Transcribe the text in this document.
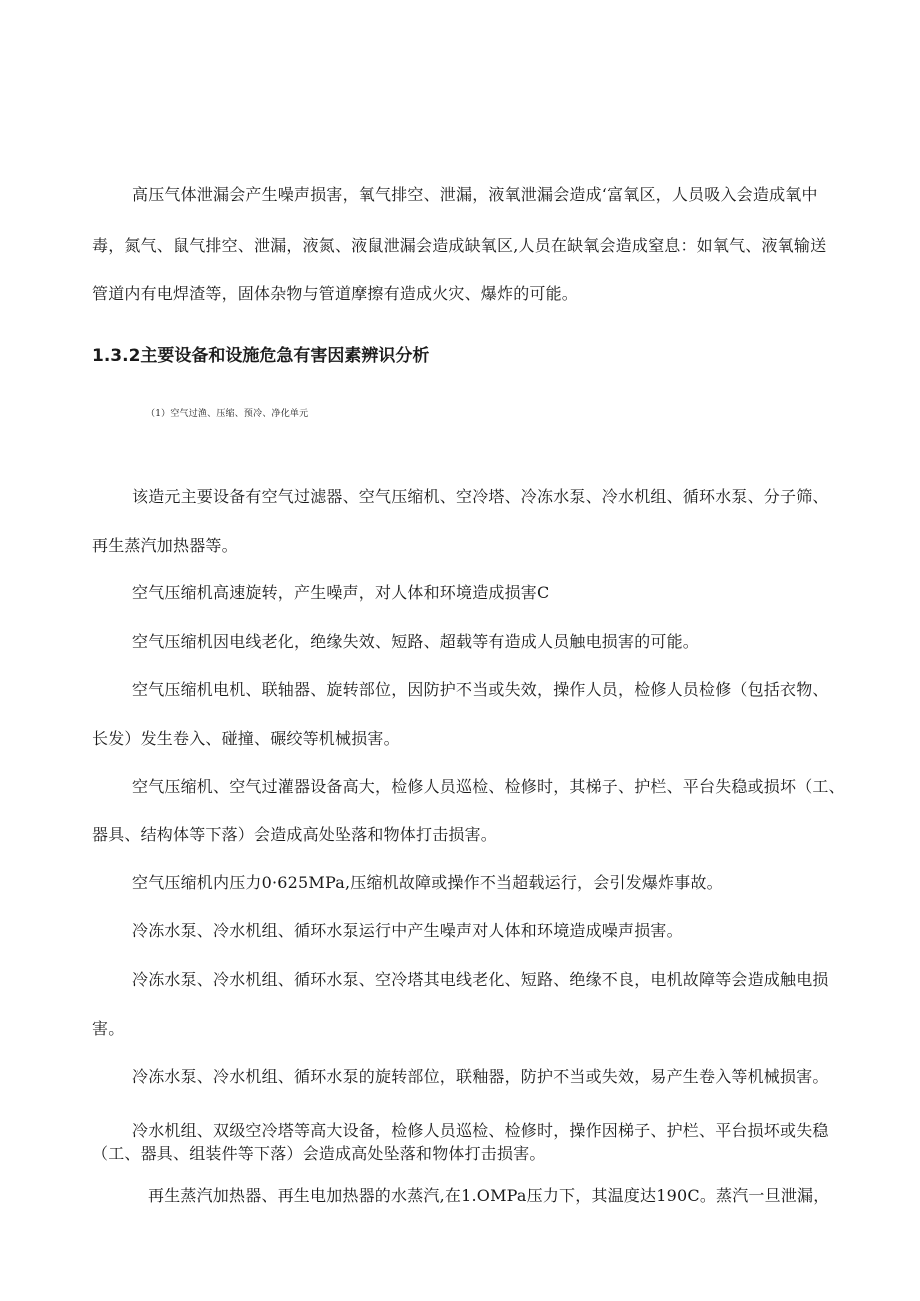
高压气体泄漏会产生噪声损害，氧气排空、泄漏，液氧泄漏会造成‘富氧区，人员吸入会造成氧中

毒，氮气、鼠气排空、泄漏，液氮、液鼠泄漏会造成缺氧区,人员在缺氧会造成窒息：如氧气、液氧输送

管道内有电焊渣等，固体杂物与管道摩擦有造成火灾、爆炸的可能。

1.3.2主要设备和设施危急有害因素辨识分析

（1）空气过渔、压缩、预冷、净化单元

该造元主要设备有空气过滤器、空气压缩机、空冷塔、冷冻水泵、冷水机组、循环水泵、分子筛、

再生蒸汽加热器等。

空气压缩机高速旋转，产生噪声，对人体和环境造成损害C

空气压缩机因电线老化，绝缘失效、短路、超载等有造成人员触电损害的可能。

空气压缩机电机、联轴器、旋转部位，因防护不当或失效，操作人员，检修人员检修（包括衣物、

长发）发生卷入、碰撞、碾绞等机械损害。

空气压缩机、空气过灌器设备高大，检修人员巡检、检修时，其梯子、护栏、平台失稳或损坏（工、

器具、结构体等下落）会造成高处坠落和物体打击损害。

空气压缩机内压力0·625MPa,压缩机故障或操作不当超载运行，会引发爆炸事故。

冷冻水泵、冷水机组、循环水泵运行中产生噪声对人体和环境造成噪声损害。

冷冻水泵、冷水机组、循环水泵、空冷塔其电线老化、短路、绝缘不良，电机故障等会造成触电损

害。

冷冻水泵、冷水机组、循环水泵的旋转部位，联釉器，防护不当或失效，易产生卷入等机械损害。

冷水机组、双级空冷塔等高大设备，检修人员巡检、检修时，操作因梯子、护栏、平台损坏或失稳

（工、器具、组装件等下落）会造成高处坠落和物体打击损害。

再生蒸汽加热器、再生电加热器的水蒸汽,在1.OMPa压力下，其温度达190C。蒸汽一旦泄漏，
